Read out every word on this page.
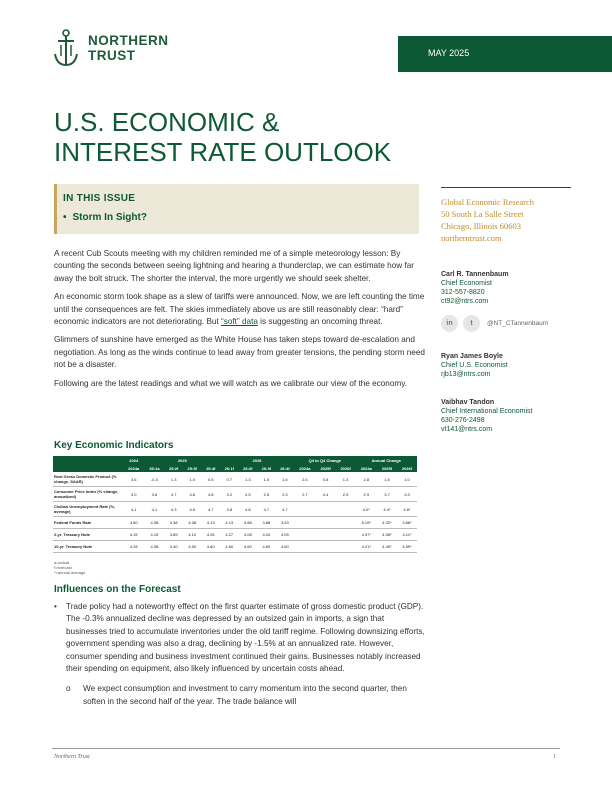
NORTHERN
TRUST	MAY 2025
U.S. ECONOMIC &
INTEREST RATE OUTLOOK
IN THIS ISSUE
• Storm In Sight?
Global Economic Research
50 South La Salle Street
Chicago, Illinois 60603
northerntrust.com
Carl R. Tannenbaum
Chief Economist
312-557-8820
ct92@ntrs.com
in	t	@NT_CTannenbaum
Ryan James Boyle
Chief U.S. Economist
rjb13@ntrs.com
Vaibhav Tandon
Chief International Economist
630-276-2498
vt141@ntrs.com

A recent Cub Scouts meeting with my children reminded me of a simple meteorology lesson: By counting the seconds between seeing lightning and hearing a thunderclap, we can estimate how far away the bolt struck. The shorter the interval, the more urgently we should seek shelter.

An economic storm took shape as a slew of tariffs were announced. Now, we are left counting the time until the consequences are felt. The skies immediately above us are still reasonably clear: “hard” economic indicators are not deteriorating. But “soft” data is suggesting an oncoming threat.

Glimmers of sunshine have emerged as the White House has taken steps toward de-escalation and negotiation. As long as the winds continue to lead away from greater tensions, the pending storm need not be a disaster.

Following are the latest readings and what we will watch as we calibrate our view of the economy.

Key Economic Indicators
	2024	2025				2026				Q4 to Q4 Change			Annual Change		
	2024a	25:1a	25:2f	25:3f	25:4f	26:1f	26:2f	26:3f	26:4f	2024a	2025f	2026f	2024a	2025f	2026f
Real Gross Domestic Product (% change, SAAR)	3.6	-0.3	1.3	1.0	0.5	0.7	1.3	1.5	1.5	2.5	0.8	1.3	2.8	1.5	1.0
Consumer Price Index (% change, annualized)	3.0	3.6	4.7	4.8	4.8	3.2	2.5	2.5	2.3	2.7	4.4	2.5	2.9	3.7	3.3
Civilian Unemployment Rate (%, average)	4.1	4.1	4.3	4.5	4.7	4.8	4.8	4.7	4.7				4.0*	4.4*	4.8*
Federal Funds Rate	4.60	4.38	4.38	4.38	4.13	4.13	3.88	3.88	3.63				5.19*	4.32*	3.88*
2-yr. Treasury Note	4.15	4.15	3.89	4.10	4.26	4.27	4.08	4.04	4.05				4.37*	4.08*	4.11*
10-yr. Treasury Note	4.28	4.38	4.40	4.50	4.60	4.60	4.60	4.60	4.60				4.21*	4.45*	4.59*
a=actual
f=forecast
*=annual average
Influences on the Forecast
•	Trade policy had a noteworthy effect on the first quarter estimate of gross domestic product (GDP). The -0.3% annualized decline was depressed by an outsized gain in imports, a sign that businesses tried to accumulate inventories under the old tariff regime. Following downsizing efforts, government spending was also a drag, declining by -1.5% at an annualized rate. However, consumer spending and business investment continued their gains. Businesses notably increased their spending on equipment, also likely influenced by uncertain costs ahead.
o	We expect consumption and investment to carry momentum into the second quarter, then soften in the second half of the year. The trade balance will
Northern Trust	1
